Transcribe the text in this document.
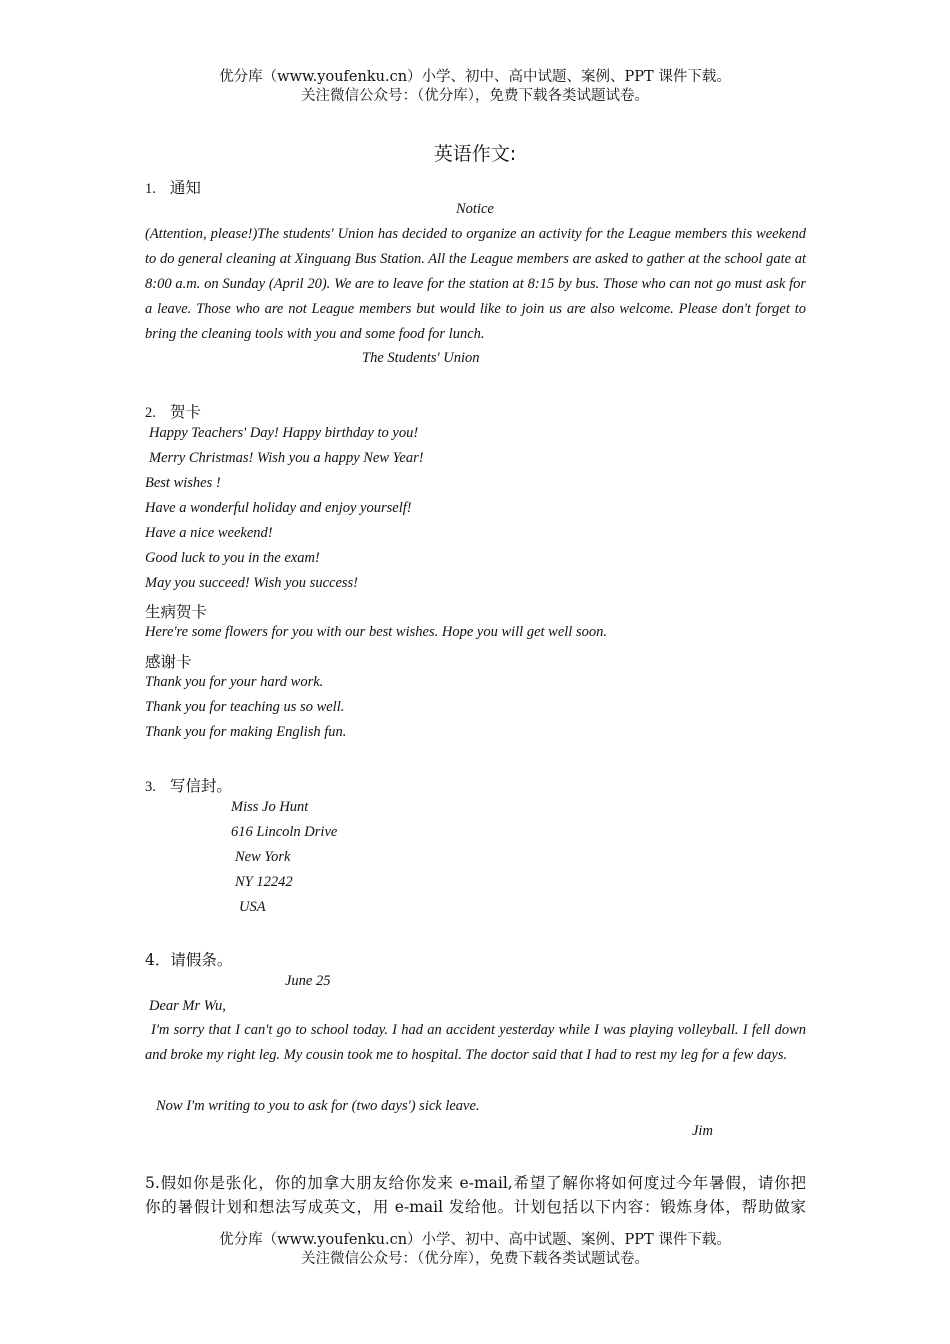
优分库（www.youfenku.cn）小学、初中、高中试题、案例、PPT 课件下载。
关注微信公众号：（优分库），免费下载各类试题试卷。
英语作文:
1. 通知
Notice
(Attention, please!)The students' Union has decided to organize an activity for the League members this weekend to do general cleaning at Xinguang Bus Station. All the League members are asked to gather at the school gate at 8:00 a.m. on Sunday (April 20). We are to leave for the station at 8:15 by bus. Those who can not go must ask for a leave. Those who are not League members but would like to join us are also welcome. Please don't forget to bring the cleaning tools with you and some food for lunch.
The Students' Union
2. 贺卡
Happy Teachers' Day! Happy birthday to you!
Merry Christmas! Wish you a happy New Year!
Best wishes !
Have a wonderful holiday and enjoy yourself!
Have a nice weekend!
Good luck to you in the exam!
May you succeed! Wish you success!
生病贺卡
Here're some flowers for you with our best wishes. Hope you will get well soon.
感谢卡
Thank you for your hard work.
Thank you for teaching us so well.
Thank you for making English fun.
3. 写信封。
Miss Jo Hunt
616 Lincoln Drive
New York
NY 12242
USA
4．请假条。
June 25
Dear Mr Wu,
I'm sorry that I can't go to school today. I had an accident yesterday while I was playing volleyball. I fell down and broke my right leg. My cousin took me to hospital. The doctor said that I had to rest my leg for a few days.
Now I'm writing to you to ask for (two days') sick leave.
Jim
5.假如你是张化，你的加拿大朋友给你发来 e-mail,希望了解你将如何度过今年暑假，请你把
你的暑假计划和想法写成英文，用 e-mail 发给他。计划包括以下内容：锻炼身体，帮助做家
优分库（www.youfenku.cn）小学、初中、高中试题、案例、PPT 课件下载。
关注微信公众号：（优分库），免费下载各类试题试卷。
